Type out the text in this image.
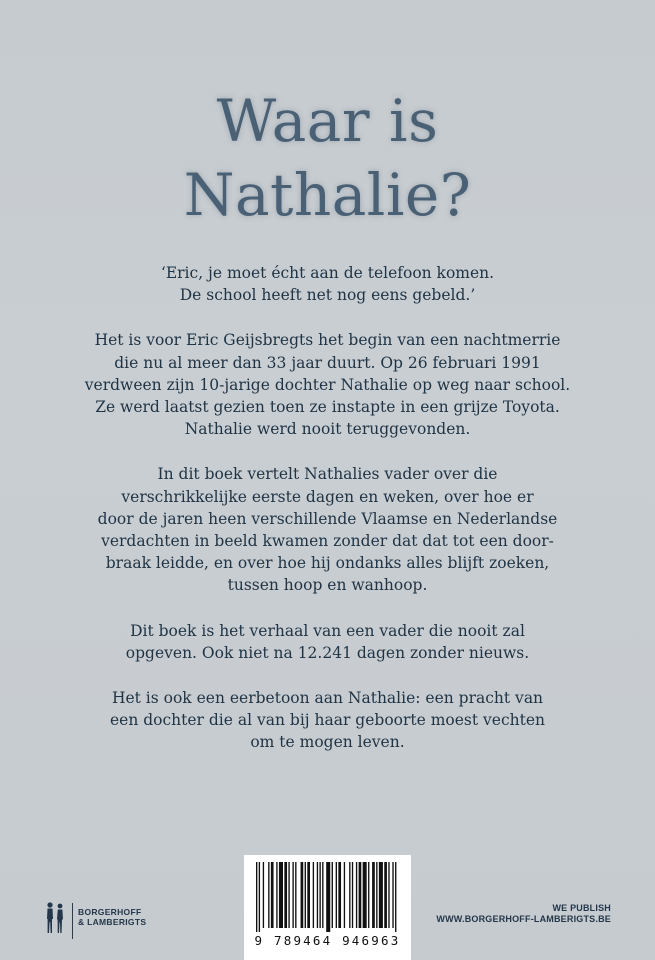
Waar is
Nathalie?

‘Eric, je moet écht aan de telefoon komen.
De school heeft net nog eens gebeld.’

Het is voor Eric Geijsbregts het begin van een nachtmerrie
die nu al meer dan 33 jaar duurt. Op 26 februari 1991
verdween zijn 10-jarige dochter Nathalie op weg naar school.
Ze werd laatst gezien toen ze instapte in een grijze Toyota.
Nathalie werd nooit teruggevonden.

In dit boek vertelt Nathalies vader over die
verschrikkelijke eerste dagen en weken, over hoe er
door de jaren heen verschillende Vlaamse en Nederlandse
verdachten in beeld kwamen zonder dat dat tot een door-
braak leidde, en over hoe hij ondanks alles blijft zoeken,
tussen hoop en wanhoop.

Dit boek is het verhaal van een vader die nooit zal
opgeven. Ook niet na 12.241 dagen zonder nieuws.

Het is ook een eerbetoon aan Nathalie: een pracht van
een dochter die al van bij haar geboorte moest vechten
om te mogen leven.

BORGERHOFF
& LAMBERIGTS
9 789464 946963
WE PUBLISH
WWW.BORGERHOFF-LAMBERIGTS.BE
